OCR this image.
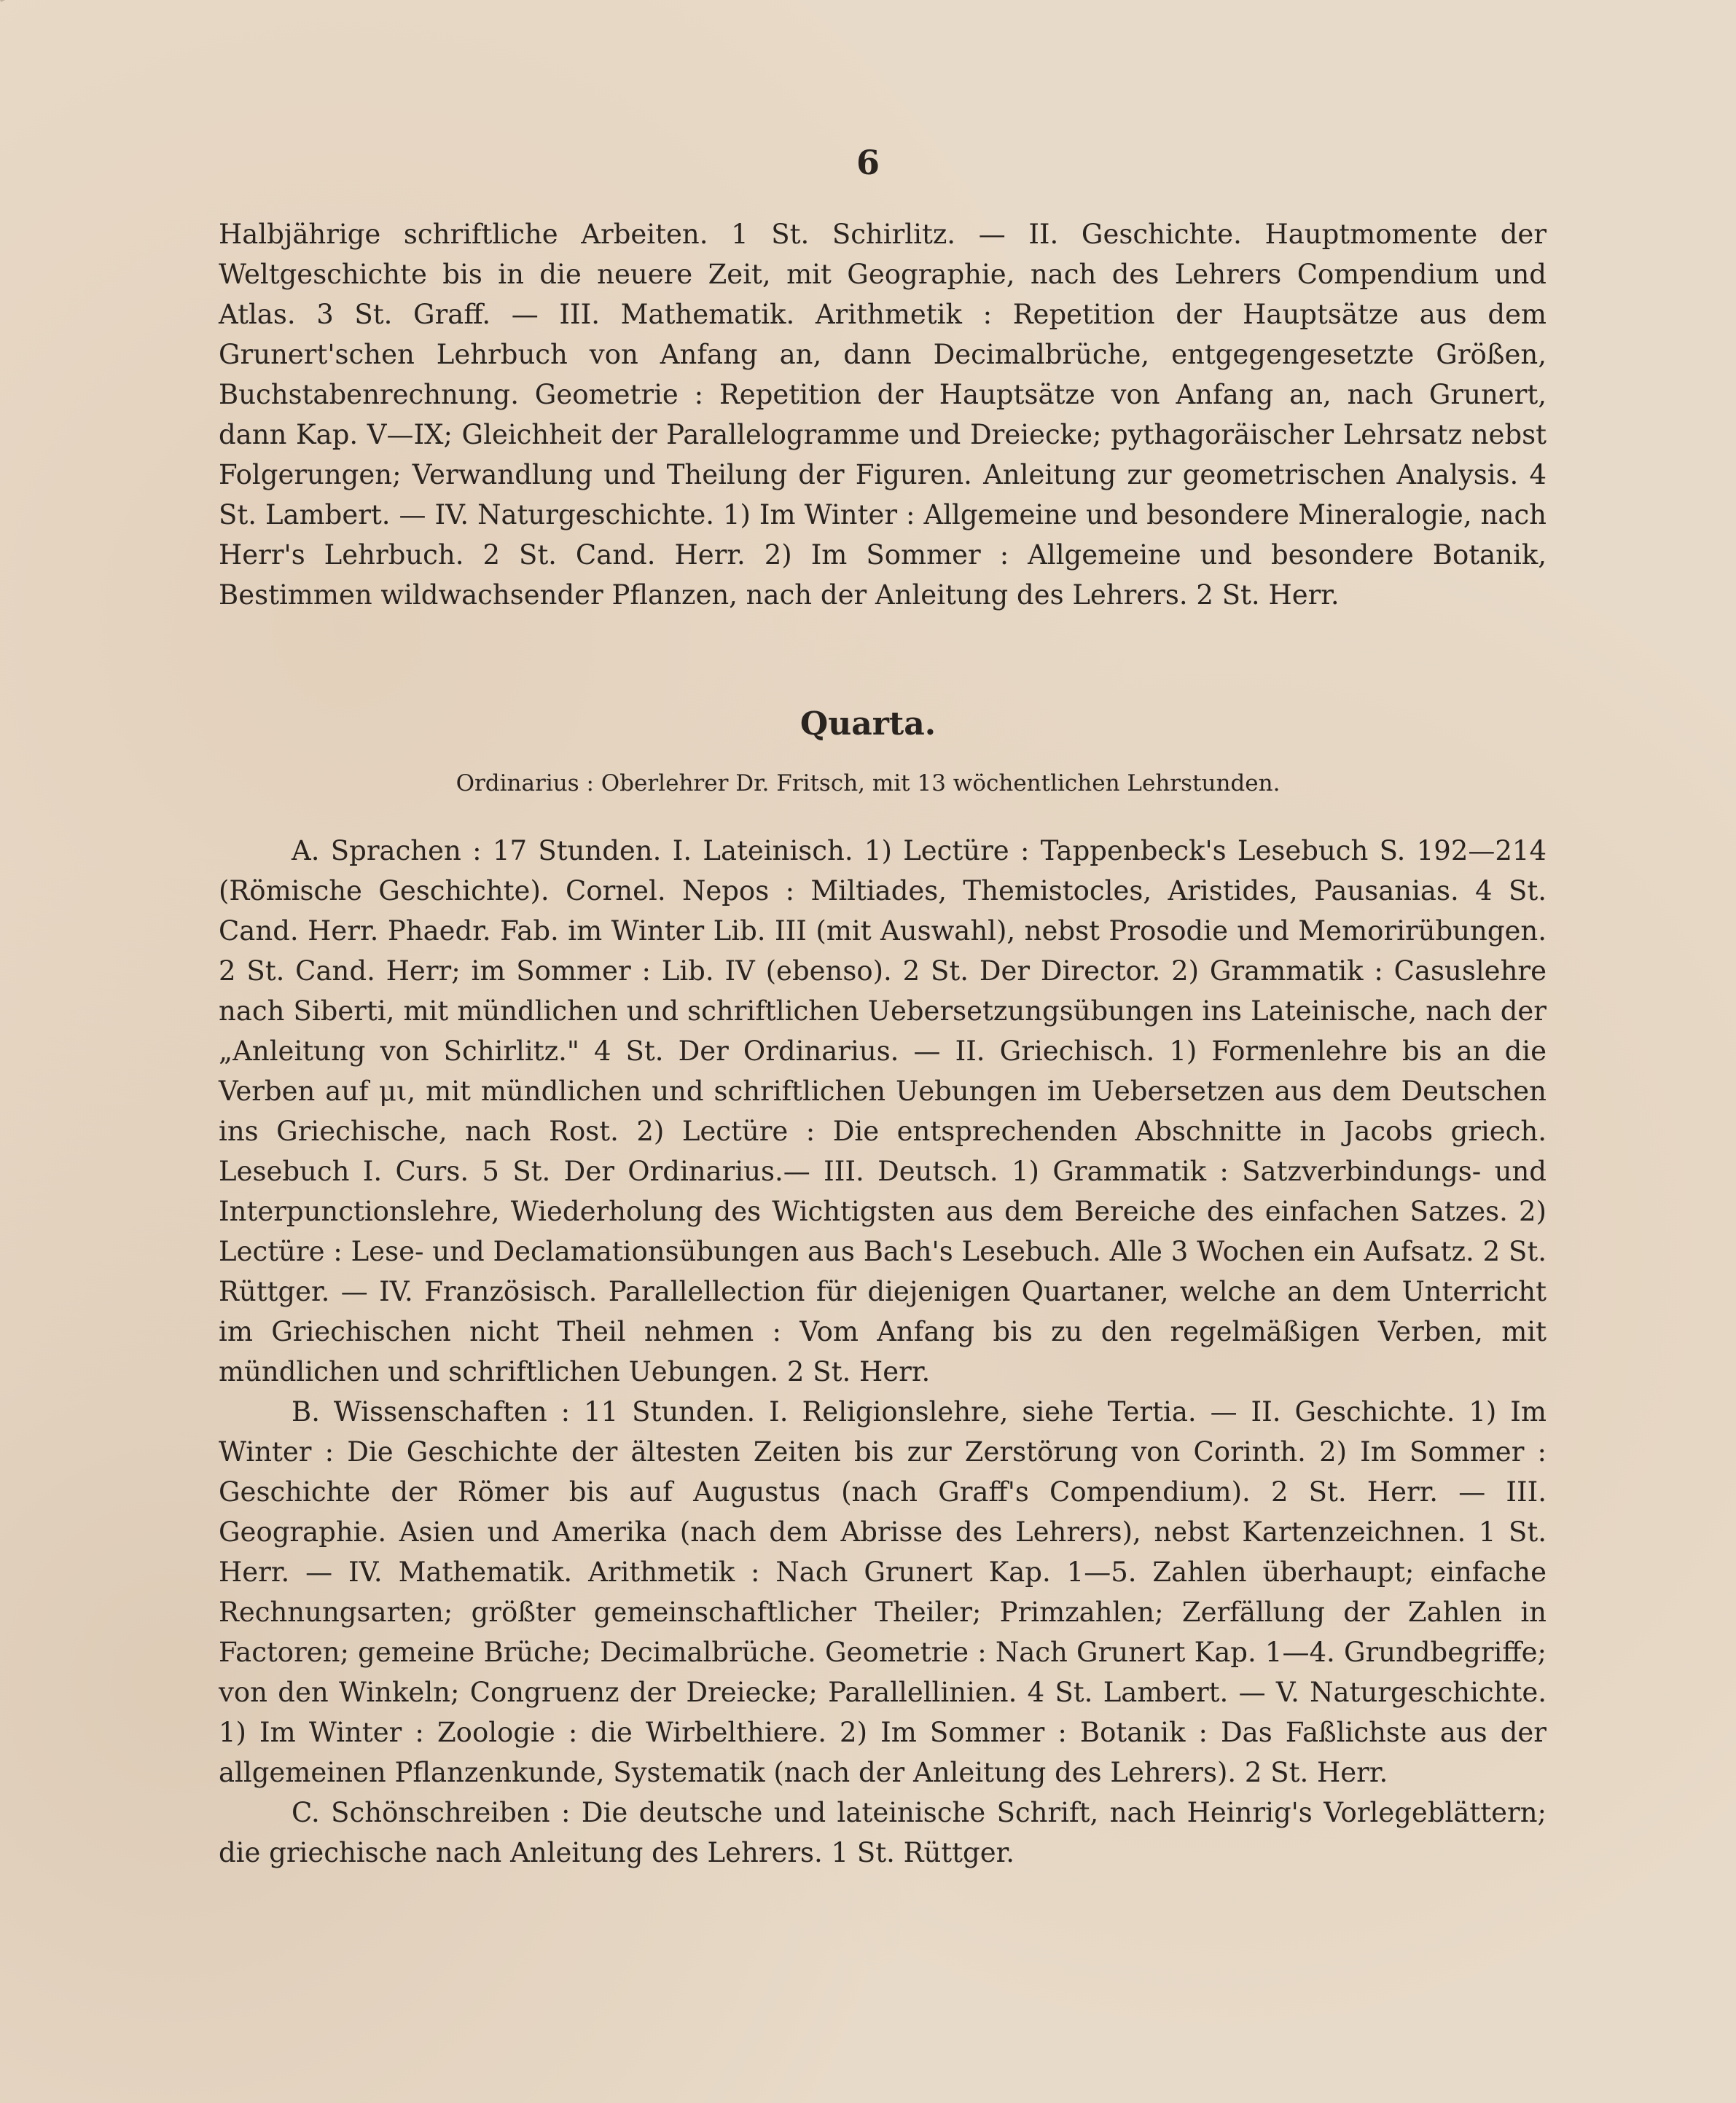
6

Halbjährige schriftliche Arbeiten. 1 St. Schirlitz. — II. Geschichte. Hauptmomente der Weltgeschichte bis in die neuere Zeit, mit Geographie, nach des Lehrers Compendium und Atlas. 3 St. Graff. — III. Mathematik. Arithmetik : Repetition der Hauptsätze aus dem Grunert'schen Lehrbuch von Anfang an, dann Decimalbrüche, entgegengesetzte Größen, Buchstabenrechnung. Geometrie : Repetition der Hauptsätze von Anfang an, nach Grunert, dann Kap. V—IX; Gleichheit der Parallelogramme und Dreiecke; pythagoräischer Lehrsatz nebst Folgerungen; Verwandlung und Theilung der Figuren. Anleitung zur geometrischen Analysis. 4 St. Lambert. — IV. Naturgeschichte. 1) Im Winter : Allgemeine und besondere Mineralogie, nach Herr's Lehrbuch. 2 St. Cand. Herr. 2) Im Sommer : Allgemeine und besondere Botanik, Bestimmen wildwachsender Pflanzen, nach der Anleitung des Lehrers. 2 St. Herr.

Quarta.
Ordinarius : Oberlehrer Dr. Fritsch, mit 13 wöchentlichen Lehrstunden.

A. Sprachen : 17 Stunden. I. Lateinisch. 1) Lectüre : Tappenbeck's Lesebuch S. 192—214 (Römische Geschichte). Cornel. Nepos : Miltiades, Themistocles, Aristides, Pausanias. 4 St. Cand. Herr. Phaedr. Fab. im Winter Lib. III (mit Auswahl), nebst Prosodie und Memorirübungen. 2 St. Cand. Herr; im Sommer : Lib. IV (ebenso). 2 St. Der Director. 2) Grammatik : Casuslehre nach Siberti, mit mündlichen und schriftlichen Uebersetzungsübungen ins Lateinische, nach der „Anleitung von Schirlitz." 4 St. Der Ordinarius. — II. Griechisch. 1) Formenlehre bis an die Verben auf μι, mit mündlichen und schriftlichen Uebungen im Uebersetzen aus dem Deutschen ins Griechische, nach Rost. 2) Lectüre : Die entsprechenden Abschnitte in Jacobs griech. Lesebuch I. Curs. 5 St. Der Ordinarius.— III. Deutsch. 1) Grammatik : Satzverbindungs- und Interpunctionslehre, Wiederholung des Wichtigsten aus dem Bereiche des einfachen Satzes. 2) Lectüre : Lese- und Declamationsübungen aus Bach's Lesebuch. Alle 3 Wochen ein Aufsatz. 2 St. Rüttger. — IV. Französisch. Parallellection für diejenigen Quartaner, welche an dem Unterricht im Griechischen nicht Theil nehmen : Vom Anfang bis zu den regelmäßigen Verben, mit mündlichen und schriftlichen Uebungen. 2 St. Herr.

B. Wissenschaften : 11 Stunden. I. Religionslehre, siehe Tertia. — II. Geschichte. 1) Im Winter : Die Geschichte der ältesten Zeiten bis zur Zerstörung von Corinth. 2) Im Sommer : Geschichte der Römer bis auf Augustus (nach Graff's Compendium). 2 St. Herr. — III. Geographie. Asien und Amerika (nach dem Abrisse des Lehrers), nebst Kartenzeichnen. 1 St. Herr. — IV. Mathematik. Arithmetik : Nach Grunert Kap. 1—5. Zahlen überhaupt; einfache Rechnungsarten; größter gemeinschaftlicher Theiler; Primzahlen; Zerfällung der Zahlen in Factoren; gemeine Brüche; Decimalbrüche. Geometrie : Nach Grunert Kap. 1—4. Grundbegriffe; von den Winkeln; Congruenz der Dreiecke; Parallellinien. 4 St. Lambert. — V. Naturgeschichte. 1) Im Winter : Zoologie : die Wirbelthiere. 2) Im Sommer : Botanik : Das Faßlichste aus der allgemeinen Pflanzenkunde, Systematik (nach der Anleitung des Lehrers). 2 St. Herr.

C. Schönschreiben : Die deutsche und lateinische Schrift, nach Heinrig's Vorlegeblättern; die griechische nach Anleitung des Lehrers. 1 St. Rüttger.
